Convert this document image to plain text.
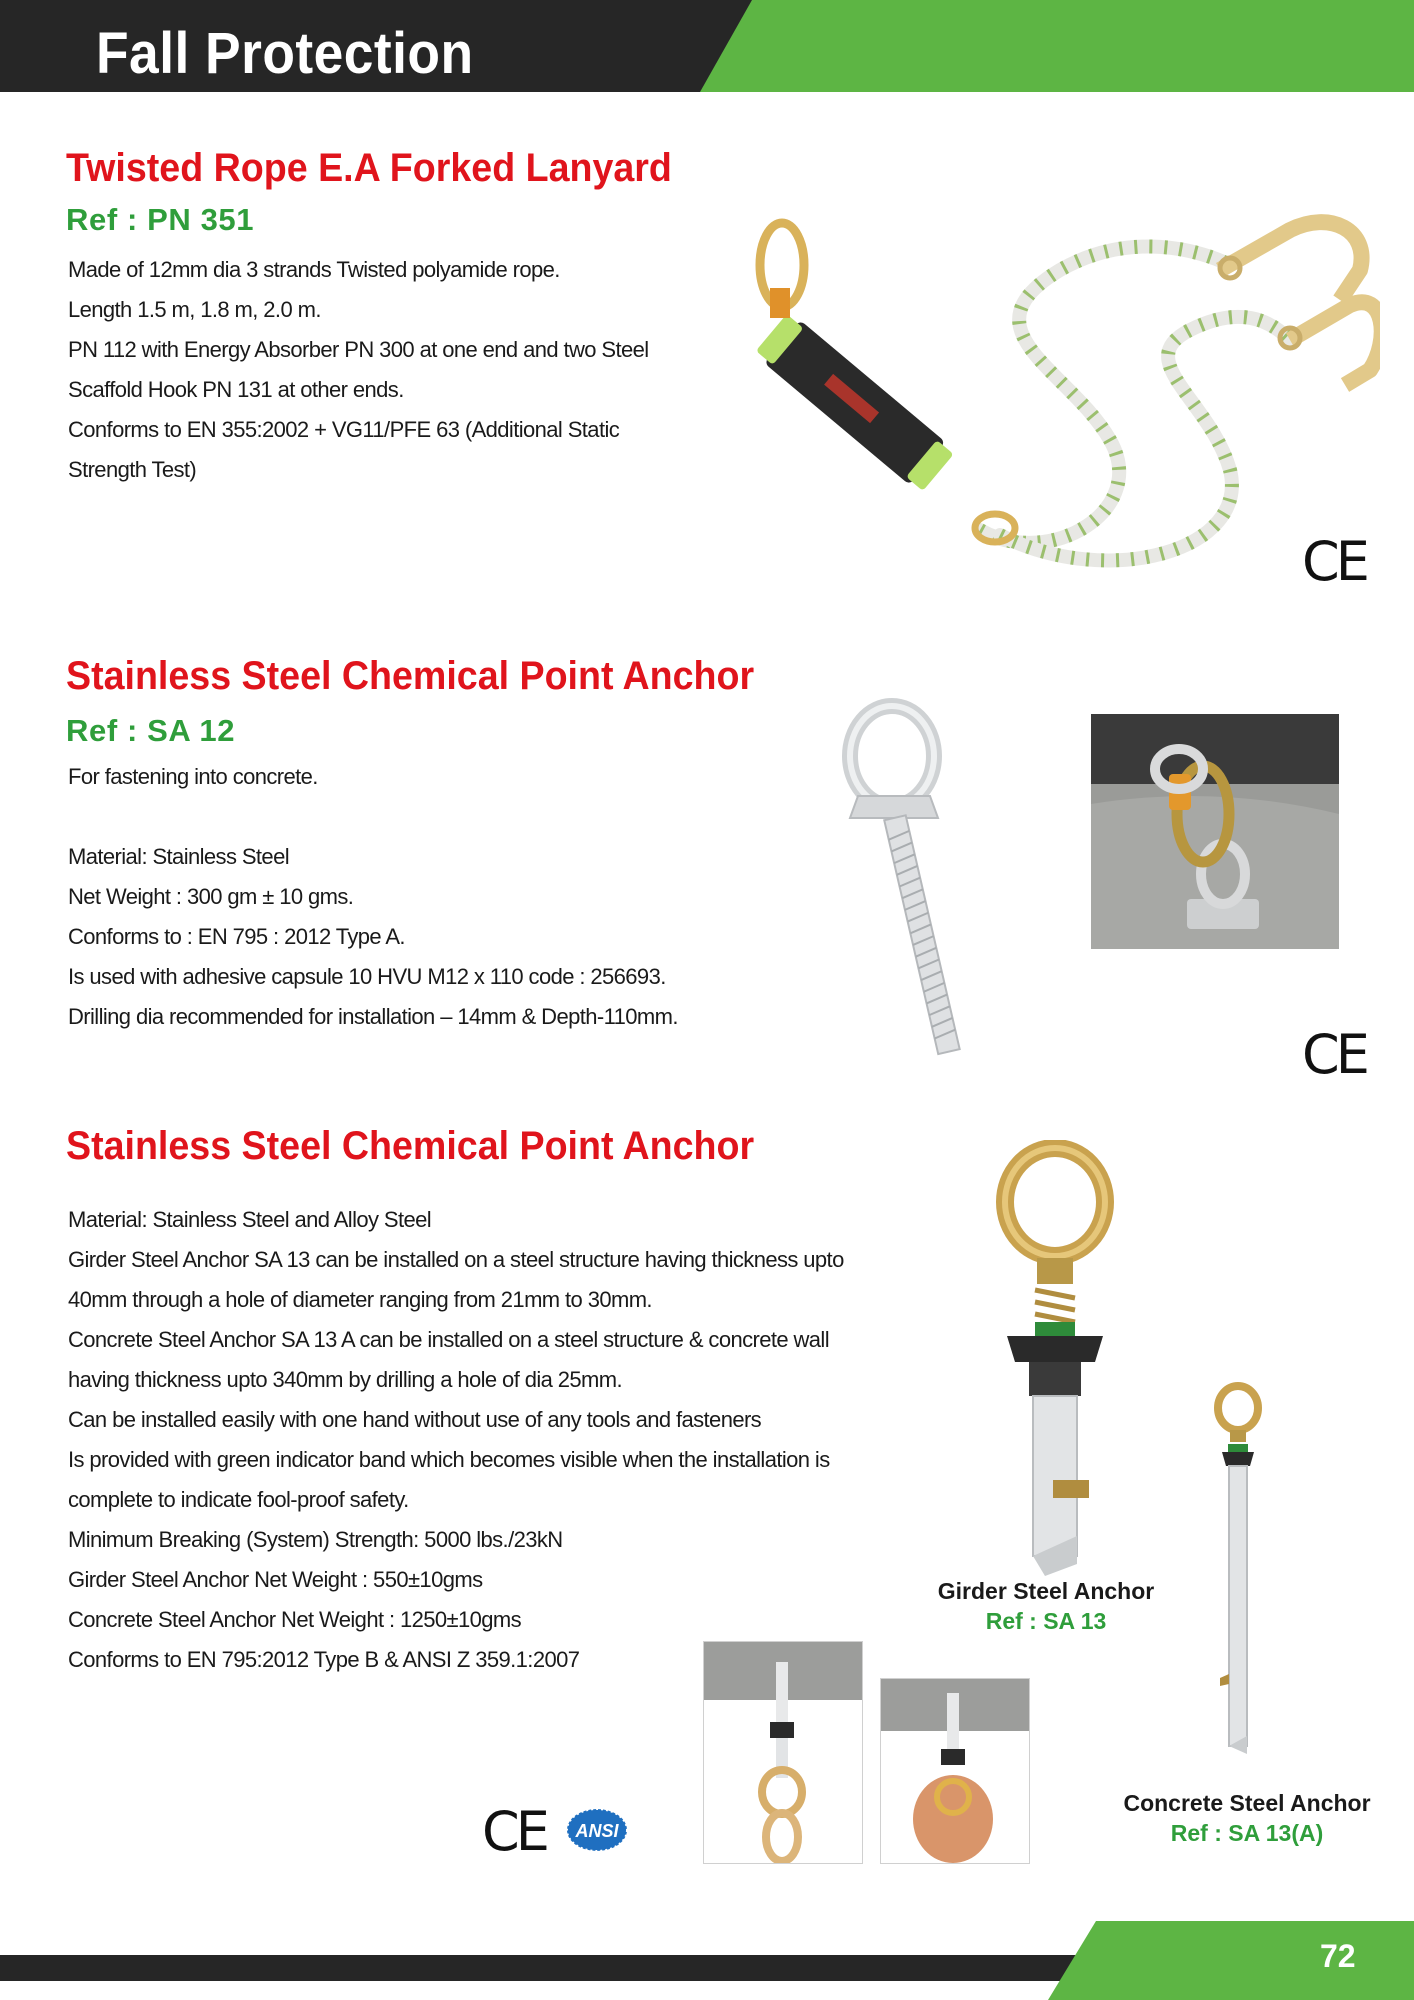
Fall Protection
Twisted Rope E.A Forked Lanyard
Ref : PN 351
Made of 12mm dia 3 strands Twisted polyamide rope.
Length 1.5 m, 1.8 m, 2.0 m.
PN 112 with Energy Absorber PN 300 at one end and two Steel
Scaffold Hook PN 131 at other ends.
Conforms to EN 355:2002 + VG11/PFE 63 (Additional Static
Strength Test)
CE
Stainless Steel Chemical Point Anchor
Ref : SA 12
For fastening into concrete.
Material: Stainless Steel
Net Weight : 300 gm ± 10 gms.
Conforms to : EN 795 : 2012 Type A.
Is used with adhesive capsule 10 HVU M12 x 110 code : 256693.
Drilling dia recommended for installation – 14mm & Depth-110mm.
CE
Stainless Steel Chemical Point Anchor
Material: Stainless Steel and Alloy Steel
Girder Steel Anchor SA 13 can be installed on a steel structure having thickness upto
40mm through a hole of diameter ranging from 21mm to 30mm.
Concrete Steel Anchor SA 13 A can be installed on a steel structure & concrete wall
having thickness upto 340mm by drilling a hole of dia 25mm.
Can be installed easily with one hand without use of any tools and fasteners
Is provided with green indicator band which becomes visible when the installation is
complete to indicate fool-proof safety.
Minimum Breaking (System) Strength: 5000 lbs./23kN
Girder Steel Anchor Net Weight : 550±10gms
Concrete Steel Anchor Net Weight : 1250±10gms
Conforms to EN 795:2012 Type B & ANSI Z 359.1:2007
Girder Steel Anchor
Ref : SA 13
Concrete Steel Anchor
Ref : SA 13(A)
CE ANSI
72
